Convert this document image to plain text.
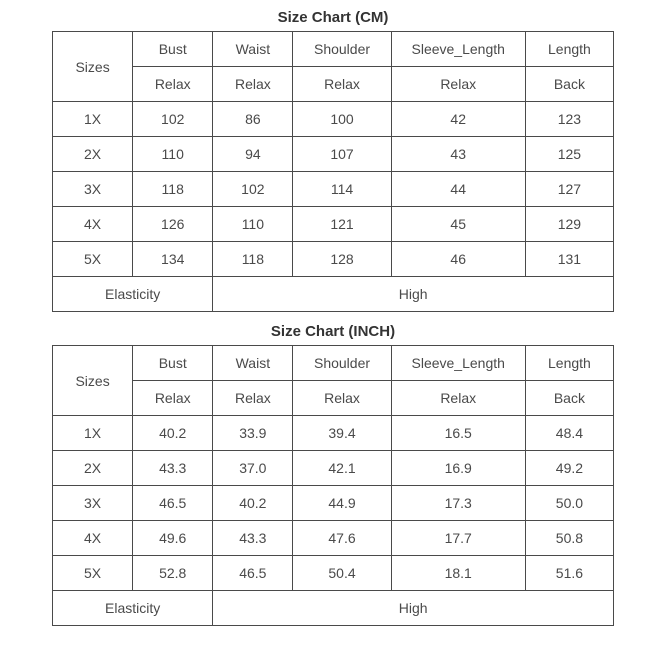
Size Chart (CM)
Sizes	Bust	Waist	Shoulder	Sleeve_Length	Length
	Relax	Relax	Relax	Relax	Back
1X	102	86	100	42	123
2X	110	94	107	43	125
3X	118	102	114	44	127
4X	126	110	121	45	129
5X	134	118	128	46	131
Elasticity		High			
Size Chart (INCH)
Sizes	Bust	Waist	Shoulder	Sleeve_Length	Length
	Relax	Relax	Relax	Relax	Back
1X	40.2	33.9	39.4	16.5	48.4
2X	43.3	37.0	42.1	16.9	49.2
3X	46.5	40.2	44.9	17.3	50.0
4X	49.6	43.3	47.6	17.7	50.8
5X	52.8	46.5	50.4	18.1	51.6
Elasticity		High			
